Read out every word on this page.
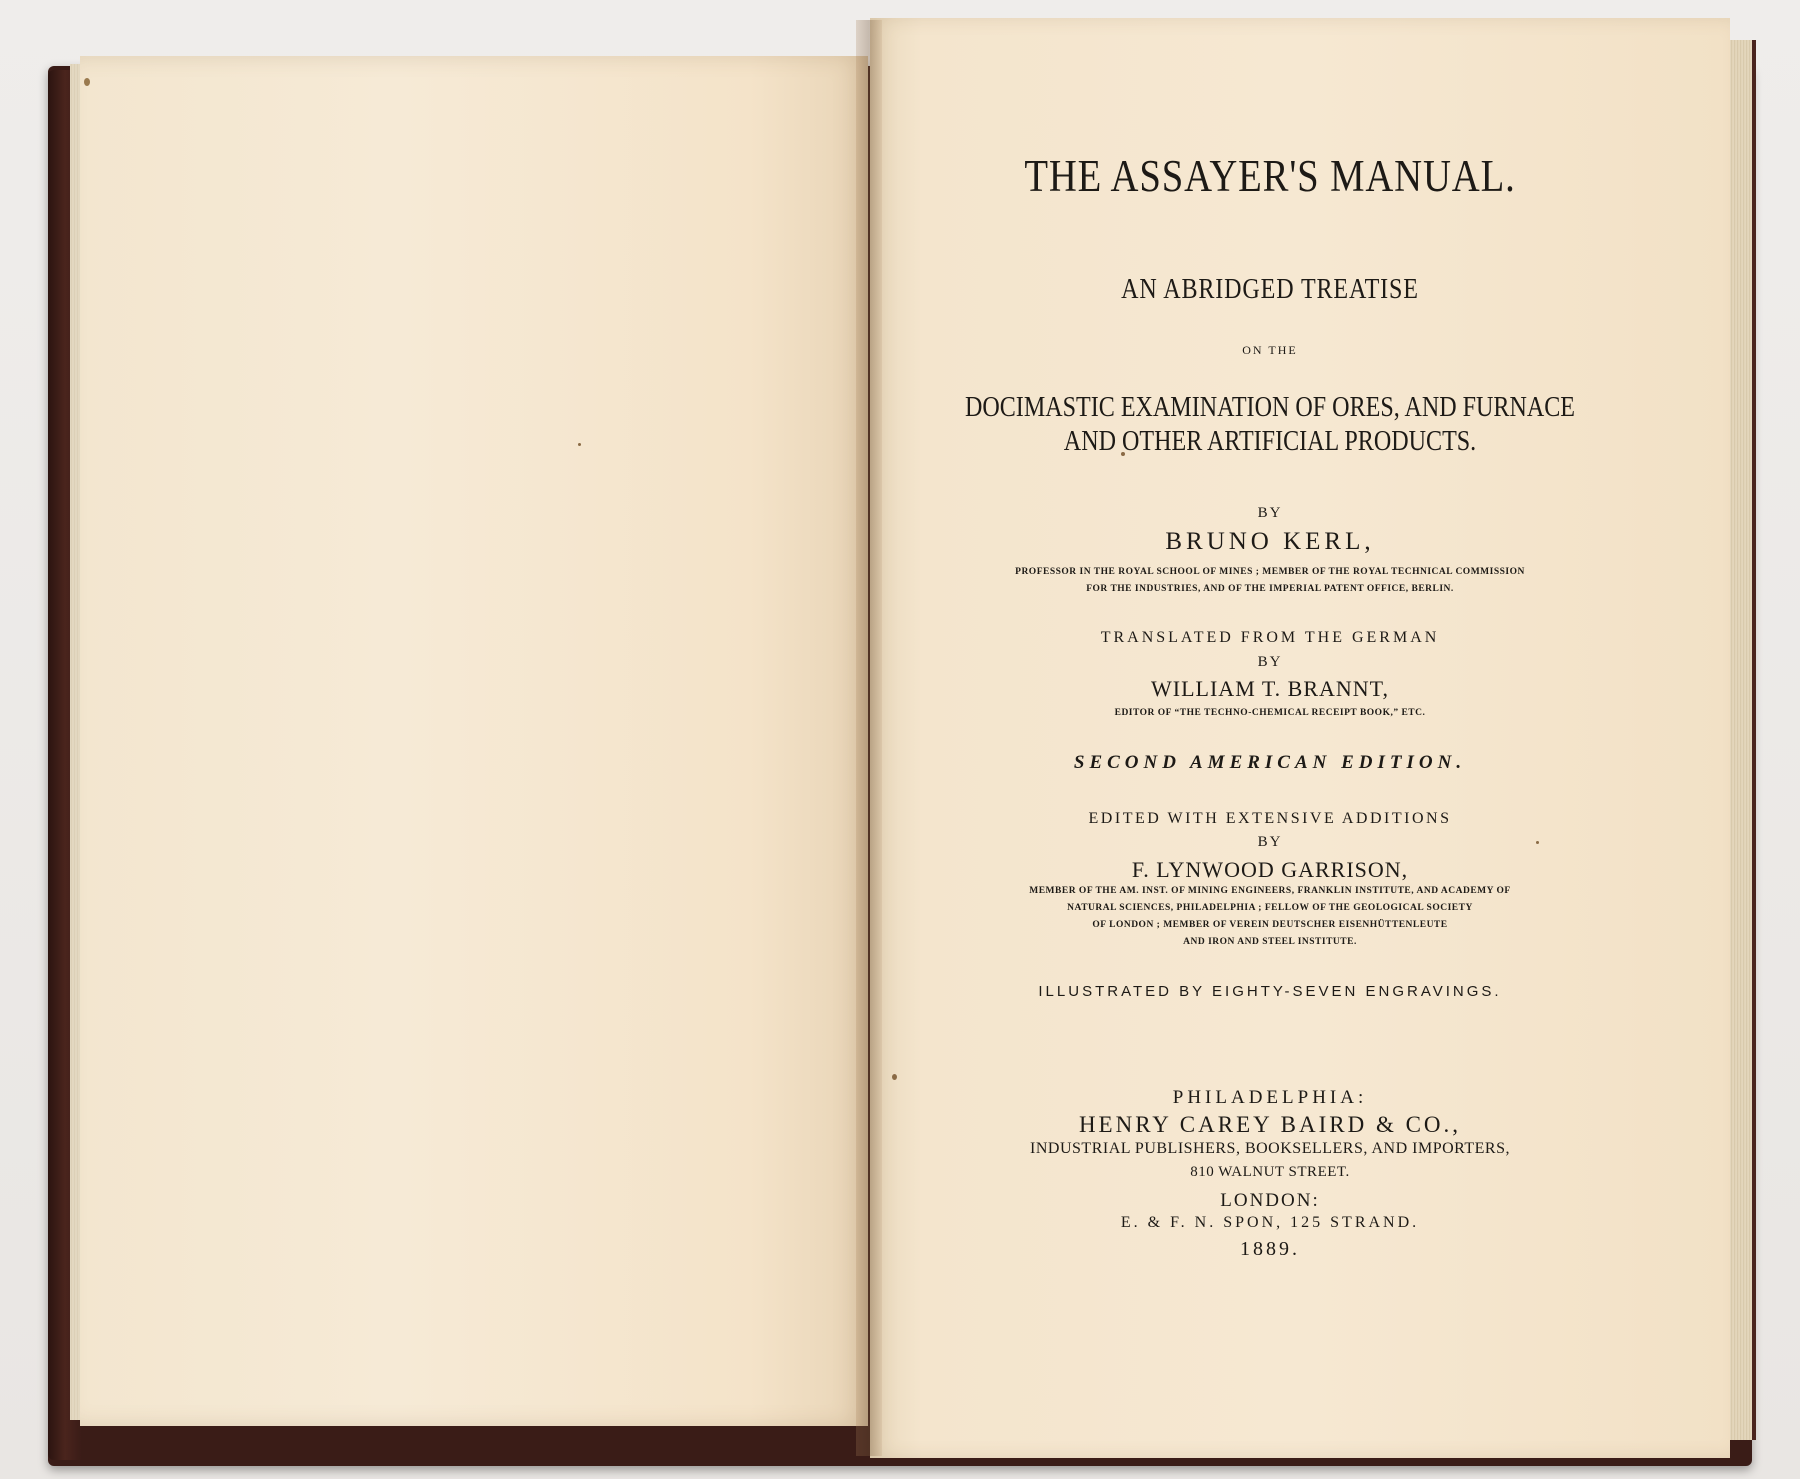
THE ASSAYER'S MANUAL.
AN ABRIDGED TREATISE
ON THE
DOCIMASTIC EXAMINATION OF ORES, AND FURNACE
AND OTHER ARTIFICIAL PRODUCTS.
BY
BRUNO KERL,
PROFESSOR IN THE ROYAL SCHOOL OF MINES ; MEMBER OF THE ROYAL TECHNICAL COMMISSION
FOR THE INDUSTRIES, AND OF THE IMPERIAL PATENT OFFICE, BERLIN.
TRANSLATED FROM THE GERMAN
BY
WILLIAM T. BRANNT,
EDITOR OF “THE TECHNO-CHEMICAL RECEIPT BOOK,” ETC.
SECOND AMERICAN EDITION.
EDITED WITH EXTENSIVE ADDITIONS
BY
F. LYNWOOD GARRISON,
MEMBER OF THE AM. INST. OF MINING ENGINEERS, FRANKLIN INSTITUTE, AND ACADEMY OF
NATURAL SCIENCES, PHILADELPHIA ; FELLOW OF THE GEOLOGICAL SOCIETY
OF LONDON ; MEMBER OF VEREIN DEUTSCHER EISENHÜTTENLEUTE
AND IRON AND STEEL INSTITUTE.
ILLUSTRATED BY EIGHTY-SEVEN ENGRAVINGS.
PHILADELPHIA:
HENRY CAREY BAIRD & CO.,
INDUSTRIAL PUBLISHERS, BOOKSELLERS, AND IMPORTERS,
810 WALNUT STREET.
LONDON:
E. & F. N. SPON, 125 STRAND.
1889.
